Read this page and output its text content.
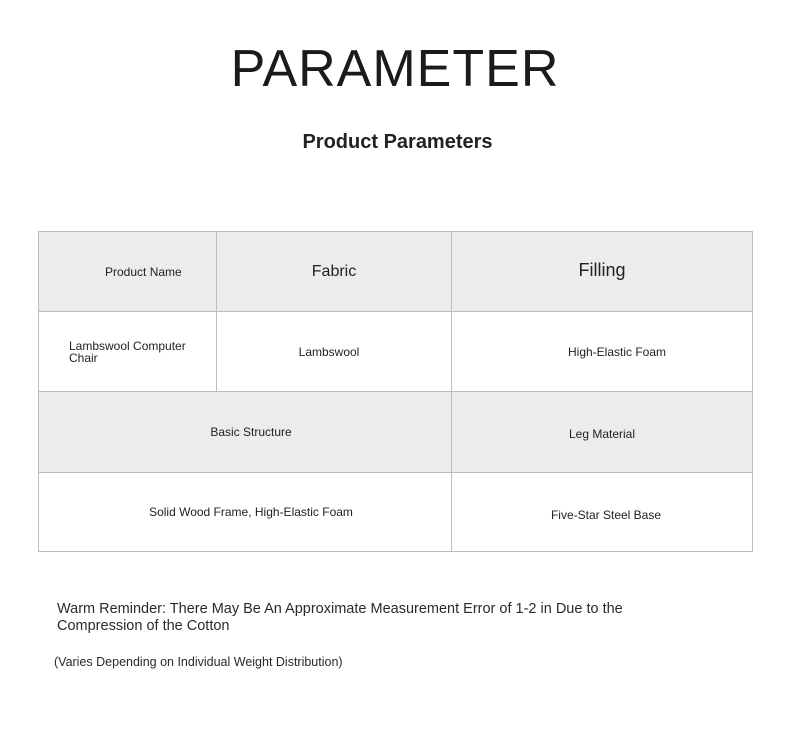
PARAMETER
Product Parameters
Product Name	Fabric	Filling

Lambswool Computer Chair	Lambswool	High-Elastic Foam

Basic Structure		Leg Material

Solid Wood Frame, High-Elastic Foam		Five-Star Steel Base
Warm Reminder: There May Be An Approximate Measurement Error of 1-2 in Due to the Compression of the Cotton
(Varies Depending on Individual Weight Distribution)
